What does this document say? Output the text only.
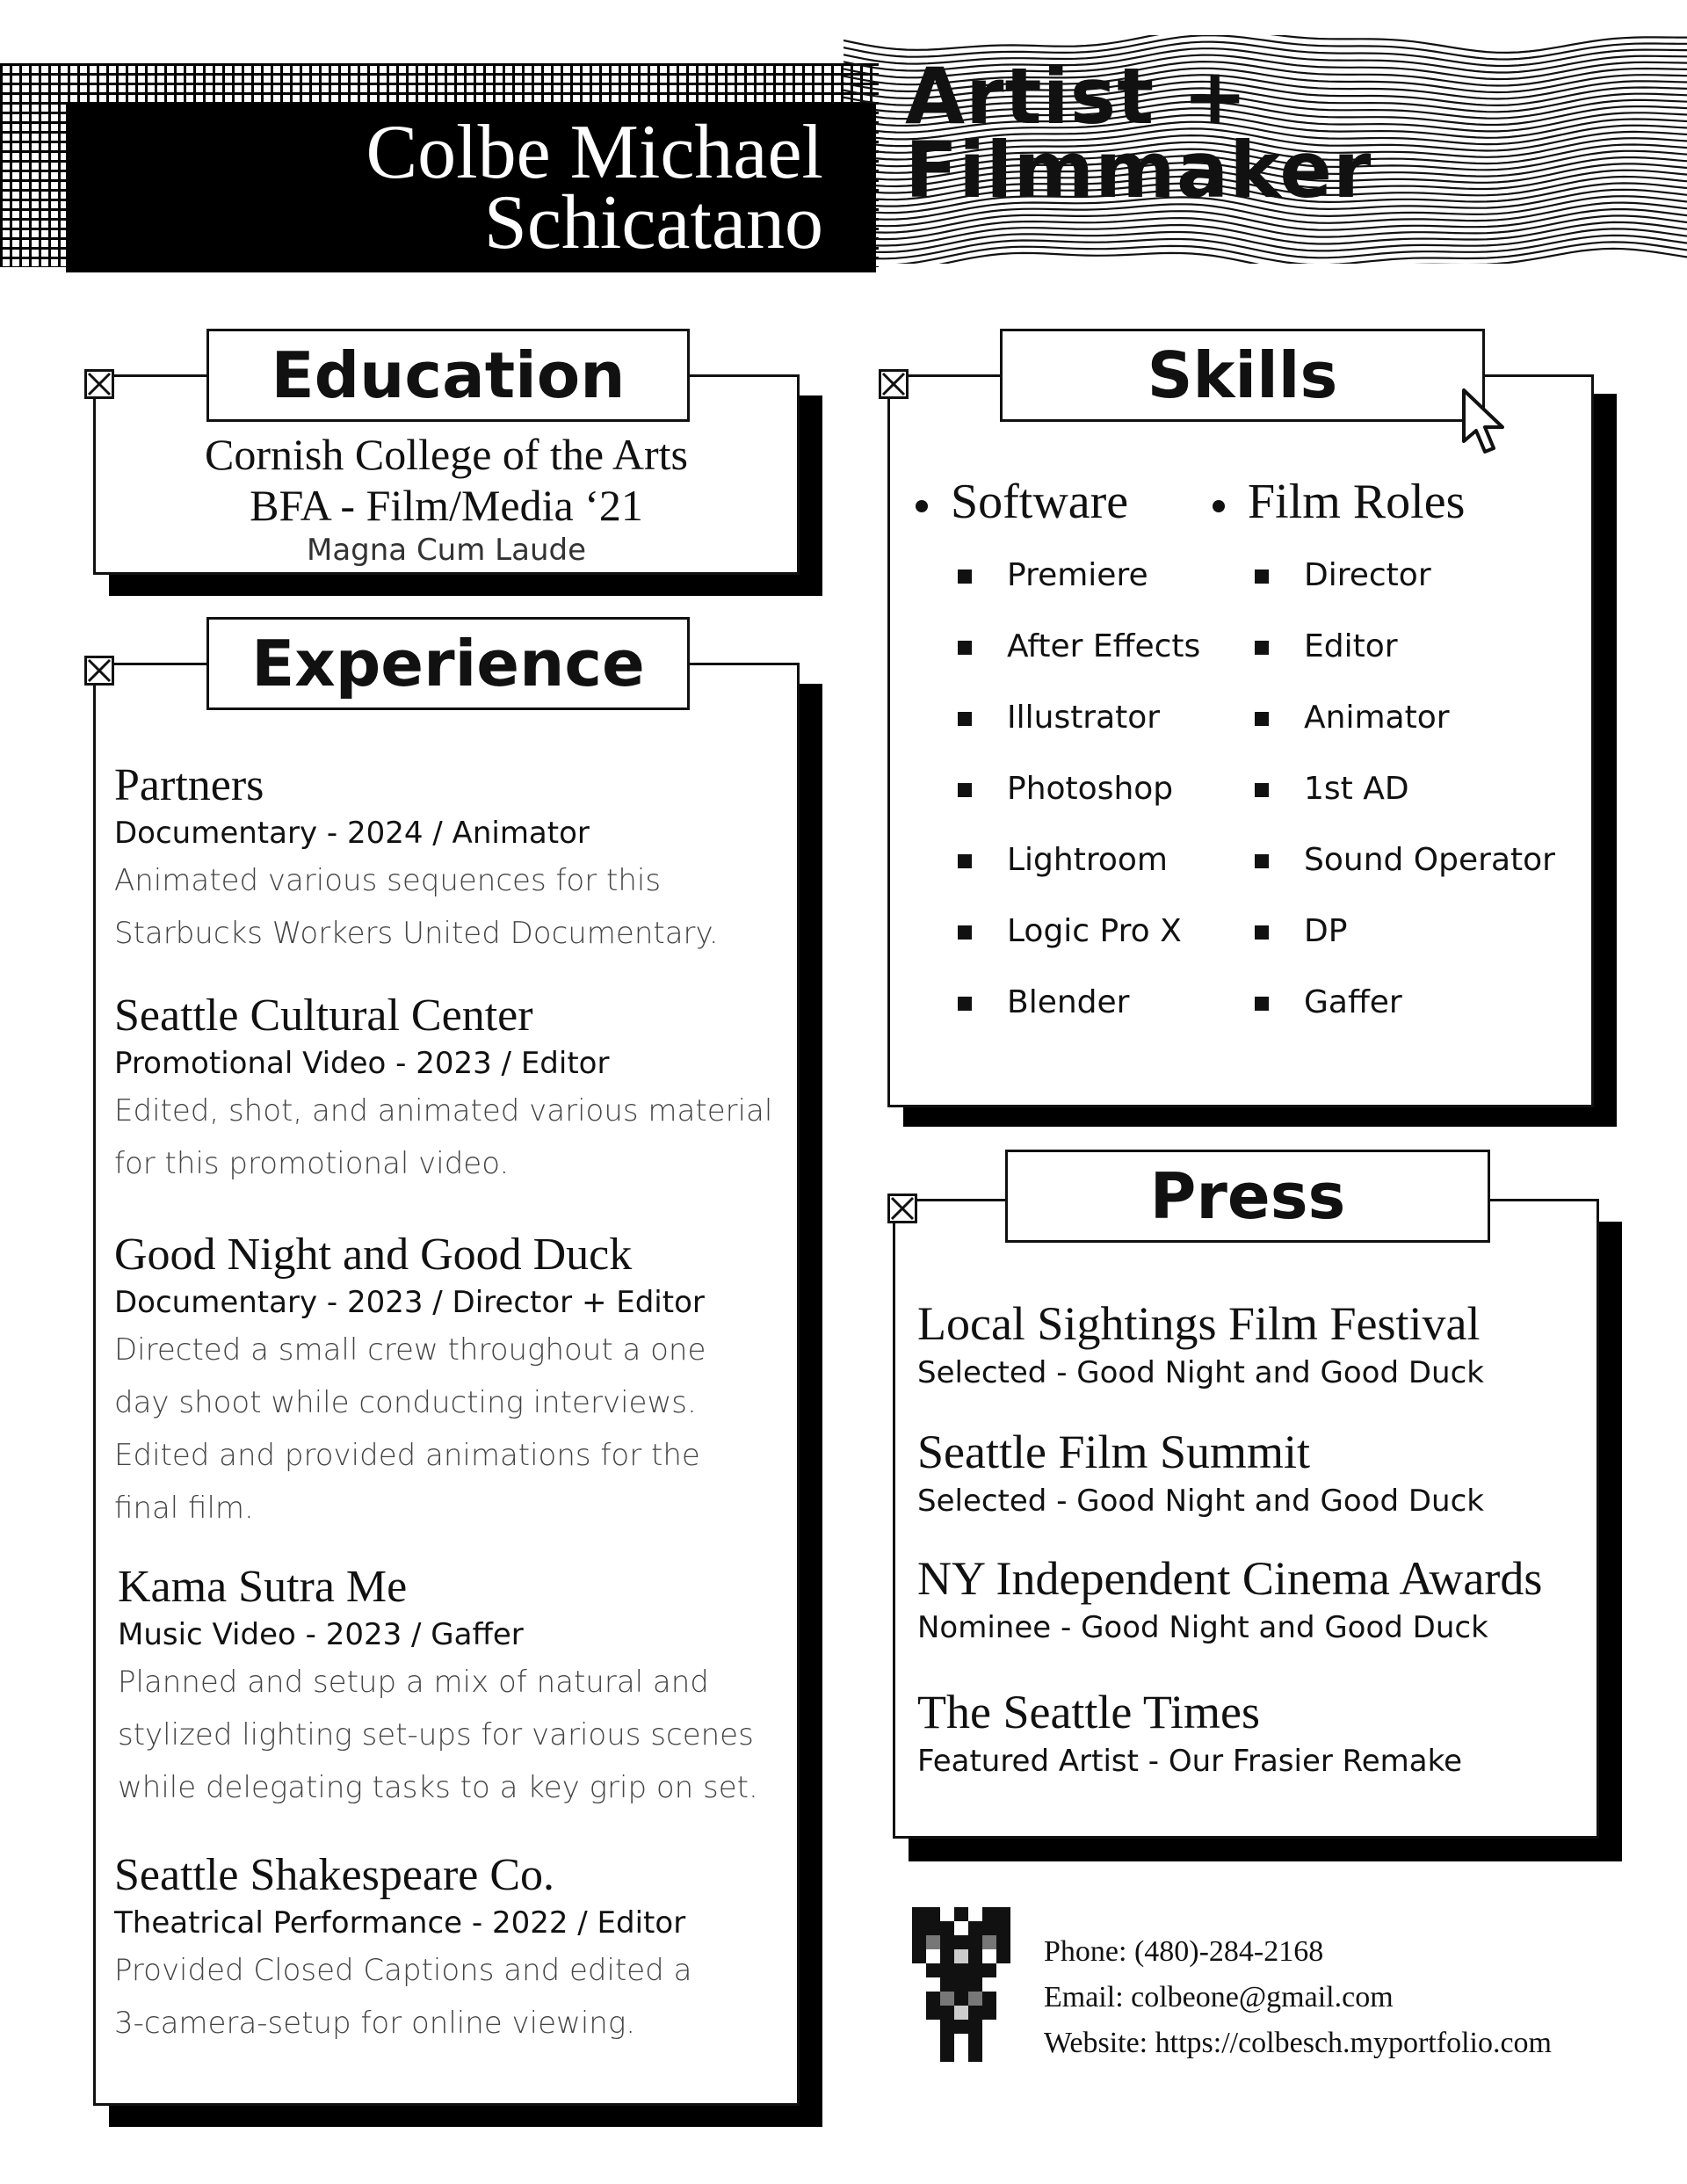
Colbe Michael
Schicatano
Artist +
Filmmaker
Education
Cornish College of the Arts
BFA - Film/Media ‘21
Magna Cum Laude
Experience
Partners
Documentary - 2024 / Animator
Animated various sequences for this
Starbucks Workers United Documentary.
Seattle Cultural Center
Promotional Video - 2023 / Editor
Edited, shot, and animated various material
for this promotional video.
Good Night and Good Duck
Documentary - 2023 / Director + Editor
Directed a small crew throughout a one
day shoot while conducting interviews.
Edited and provided animations for the
final film.
Kama Sutra Me
Music Video - 2023 / Gaffer
Planned and setup a mix of natural and
stylized lighting set-ups for various scenes
while delegating tasks to a key grip on set.
Seattle Shakespeare Co.
Theatrical Performance - 2022 / Editor
Provided Closed Captions and edited a
3-camera-setup for online viewing.
Skills
Software
Premiere
After Effects
Illustrator
Photoshop
Lightroom
Logic Pro X
Blender
Film Roles
Director
Editor
Animator
1st AD
Sound Operator
DP
Gaffer
Press
Local Sightings Film Festival
Selected - Good Night and Good Duck
Seattle Film Summit
Selected - Good Night and Good Duck
NY Independent Cinema Awards
Nominee - Good Night and Good Duck
The Seattle Times
Featured Artist - Our Frasier Remake
Phone: (480)-284-2168
Email: colbeone@gmail.com
Website: https://colbesch.myportfolio.com
